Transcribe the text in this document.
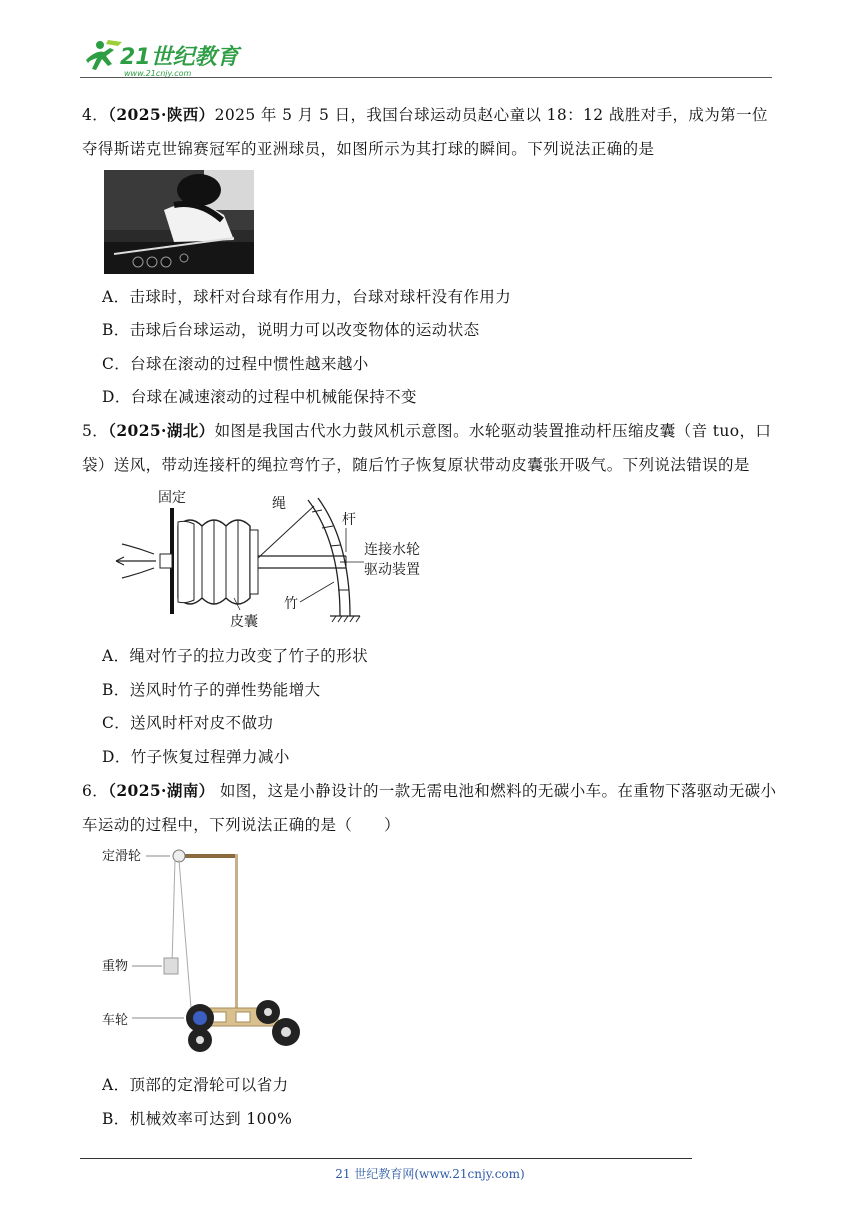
21世纪教育
www.21cnjy.com
4．（2025·陕西）2025 年 5 月 5 日，我国台球运动员赵心童以 18：12 战胜对手，成为第一位夺得斯诺克世锦赛冠军的亚洲球员，如图所示为其打球的瞬间。下列说法正确的是
A．击球时，球杆对台球有作用力，台球对球杆没有作用力
B．击球后台球运动，说明力可以改变物体的运动状态
C．台球在滚动的过程中惯性越来越小
D．台球在减速滚动的过程中机械能保持不变
5．（2025·湖北）如图是我国古代水力鼓风机示意图。水轮驱动装置推动杆压缩皮囊（音 tuo，口袋）送风，带动连接杆的绳拉弯竹子，随后竹子恢复原状带动皮囊张开吸气。下列说法错误的是
固定	绳
竹
杆
连接水轮
驱动装置
皮囊
A．绳对竹子的拉力改变了竹子的形状
B．送风时竹子的弹性势能增大
C．送风时杆对皮不做功
D．竹子恢复过程弹力减小
6．（2025·湖南） 如图，这是小静设计的一款无需电池和燃料的无碳小车。在重物下落驱动无碳小车运动的过程中，下列说法正确的是（　　）
定滑轮
重物
车轮
A．顶部的定滑轮可以省力
B．机械效率可达到 100%
21 世纪教育网(www.21cnjy.com)
